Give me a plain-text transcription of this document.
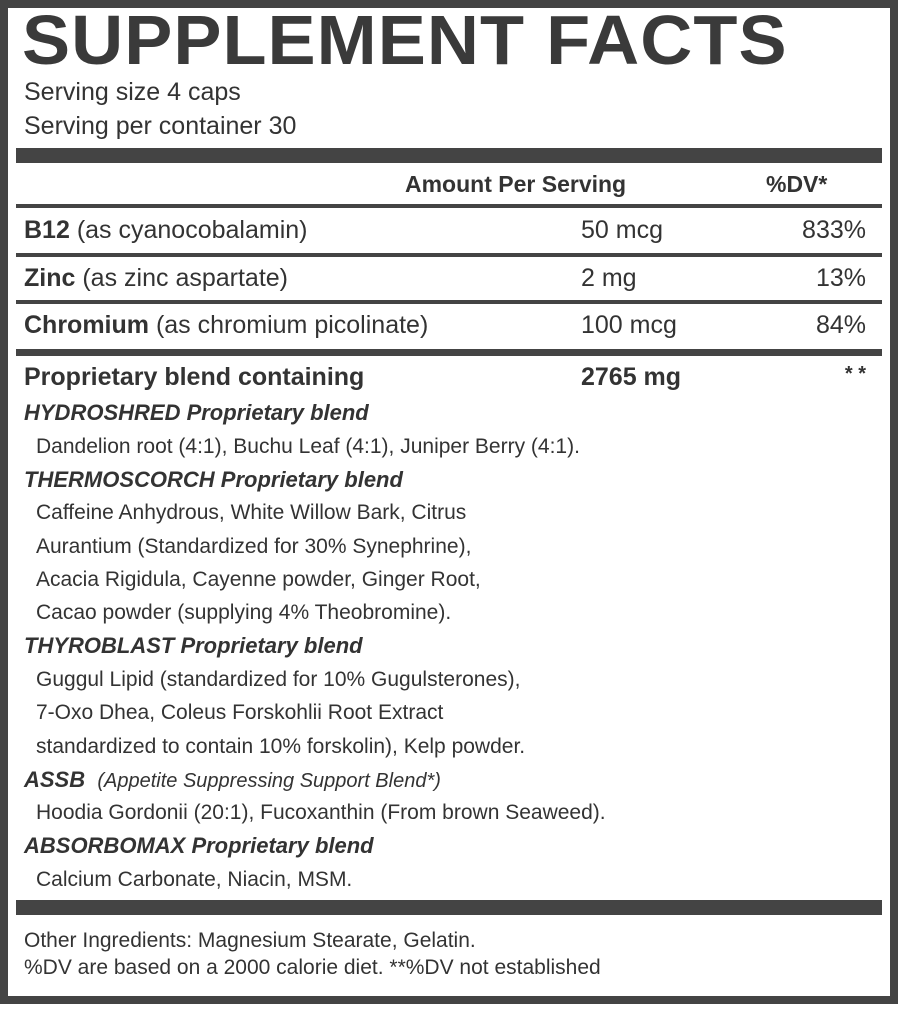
SUPPLEMENT FACTS
Serving size 4 caps
Serving per container 30
Amount Per Serving	%DV*
B12 (as cyanocobalamin)	50 mcg	833%
Zinc (as zinc aspartate)	2 mg	13%
Chromium (as chromium picolinate)	100 mcg	84%
Proprietary blend containing	2765 mg	* *
HYDROSHRED Proprietary blend
Dandelion root (4:1), Buchu Leaf (4:1), Juniper Berry (4:1).
THERMOSCORCH Proprietary blend
Caffeine Anhydrous, White Willow Bark, Citrus
Aurantium (Standardized for 30% Synephrine),
Acacia Rigidula, Cayenne powder, Ginger Root,
Cacao powder (supplying 4% Theobromine).
THYROBLAST Proprietary blend
Guggul Lipid (standardized for 10% Gugulsterones),
7-Oxo Dhea, Coleus Forskohlii Root Extract
standardized to contain 10% forskolin), Kelp powder.
ASSB (Appetite Suppressing Support Blend*)
Hoodia Gordonii (20:1), Fucoxanthin (From brown Seaweed).
ABSORBOMAX Proprietary blend
Calcium Carbonate, Niacin, MSM.
Other Ingredients: Magnesium Stearate, Gelatin.
%DV are based on a 2000 calorie diet. **%DV not established
